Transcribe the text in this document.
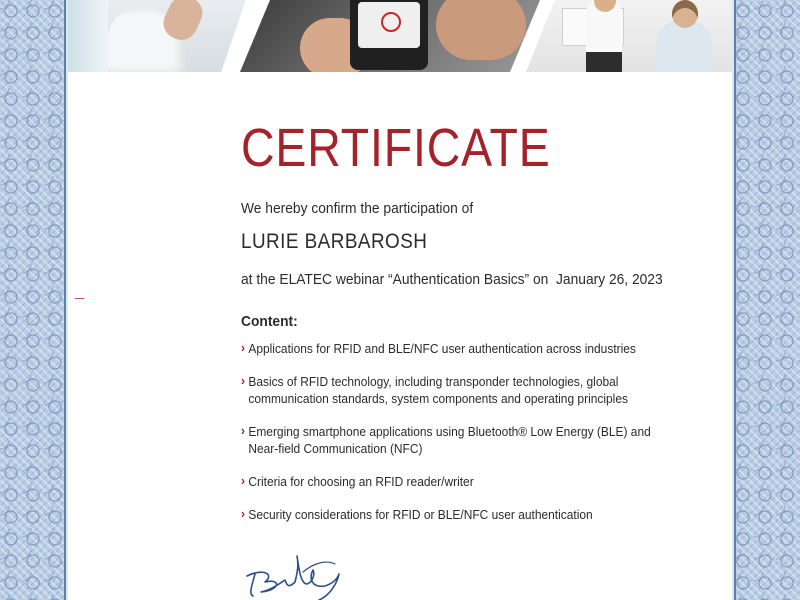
CERTIFICATE
We hereby confirm the participation of
LURIE BARBAROSH
at the ELATEC webinar “Authentication Basics” on January 26, 2023
Content:
› Applications for RFID and BLE/NFC user authentication across industries
› Basics of RFID technology, including transponder technologies, global communication standards, system components and operating principles
› Emerging smartphone applications using Bluetooth® Low Energy (BLE) and Near-field Communication (NFC)
› Criteria for choosing an RFID reader/writer
› Security considerations for RFID or BLE/NFC user authentication
